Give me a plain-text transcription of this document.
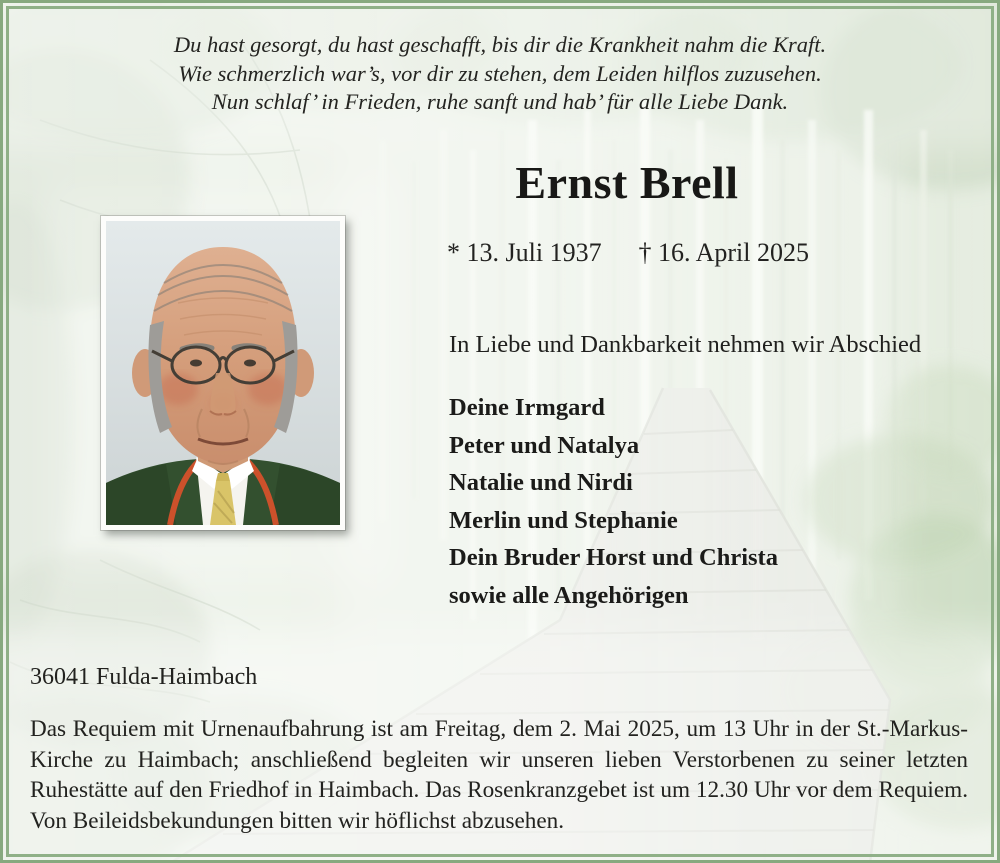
Du hast gesorgt, du hast geschafft, bis dir die Krankheit nahm die Kraft.
Wie schmerzlich war’s, vor dir zu stehen, dem Leiden hilflos zuzusehen.
Nun schlaf’ in Frieden, ruhe sanft und hab’ für alle Liebe Dank.
Ernst Brell
* 13. Juli 1937 † 16. April 2025
In Liebe und Dankbarkeit nehmen wir Abschied
Deine Irmgard
Peter und Natalya
Natalie und Nirdi
Merlin und Stephanie
Dein Bruder Horst und Christa
sowie alle Angehörigen
36041 Fulda-Haimbach

Das Requiem mit Urnenaufbahrung ist am Freitag, dem 2. Mai 2025, um 13 Uhr in der St.-Markus-Kirche zu Haimbach; anschließend begleiten wir unseren lieben Verstorbenen zu seiner letzten Ruhestätte auf den Friedhof in Haimbach. Das Rosenkranzgebet ist um 12.30 Uhr vor dem Requiem. Von Beileidsbekundungen bitten wir höflichst abzusehen.
